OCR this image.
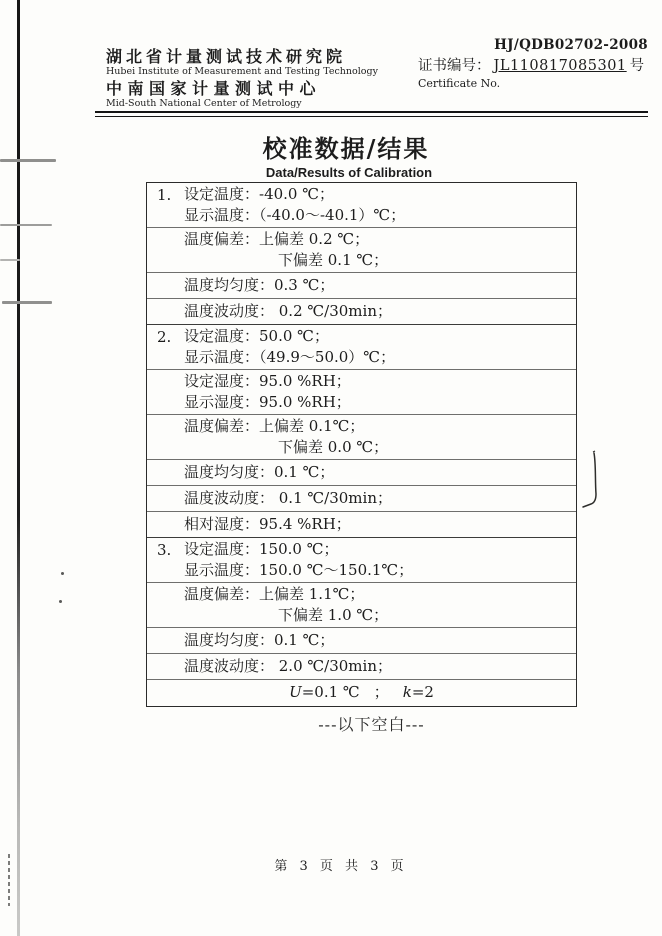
HJ/QDB02702-2008
湖北省计量测试技术研究院
Hubei Institute of Measurement and Testing Technology
中南国家计量测试中心
Mid-South National Center of Metrology
证书编号： JL110817085301 号
Certificate No.
校准数据/结果
Data/Results of Calibration
1. 设定温度：-40.0 ℃；
显示温度：（-40.0～-40.1）℃；
温度偏差：上偏差 0.2 ℃；
下偏差 0.1 ℃；
温度均匀度：0.3 ℃；
温度波动度： 0.2 ℃/30min；
2. 设定温度：50.0 ℃；
显示温度：（49.9～50.0）℃；
设定湿度：95.0 %RH；
显示湿度：95.0 %RH；
温度偏差：上偏差 0.1℃；
下偏差 0.0 ℃；
温度均匀度：0.1 ℃；
温度波动度： 0.1 ℃/30min；
相对湿度：95.4 %RH；
3. 设定温度：150.0 ℃；
显示温度：150.0 ℃～150.1℃；
温度偏差：上偏差 1.1℃；
下偏差 1.0 ℃；
温度均匀度：0.1 ℃；
温度波动度： 2.0 ℃/30min；
U=0.1 ℃ ； k=2
---以下空白---
第 3 页 共 3 页
